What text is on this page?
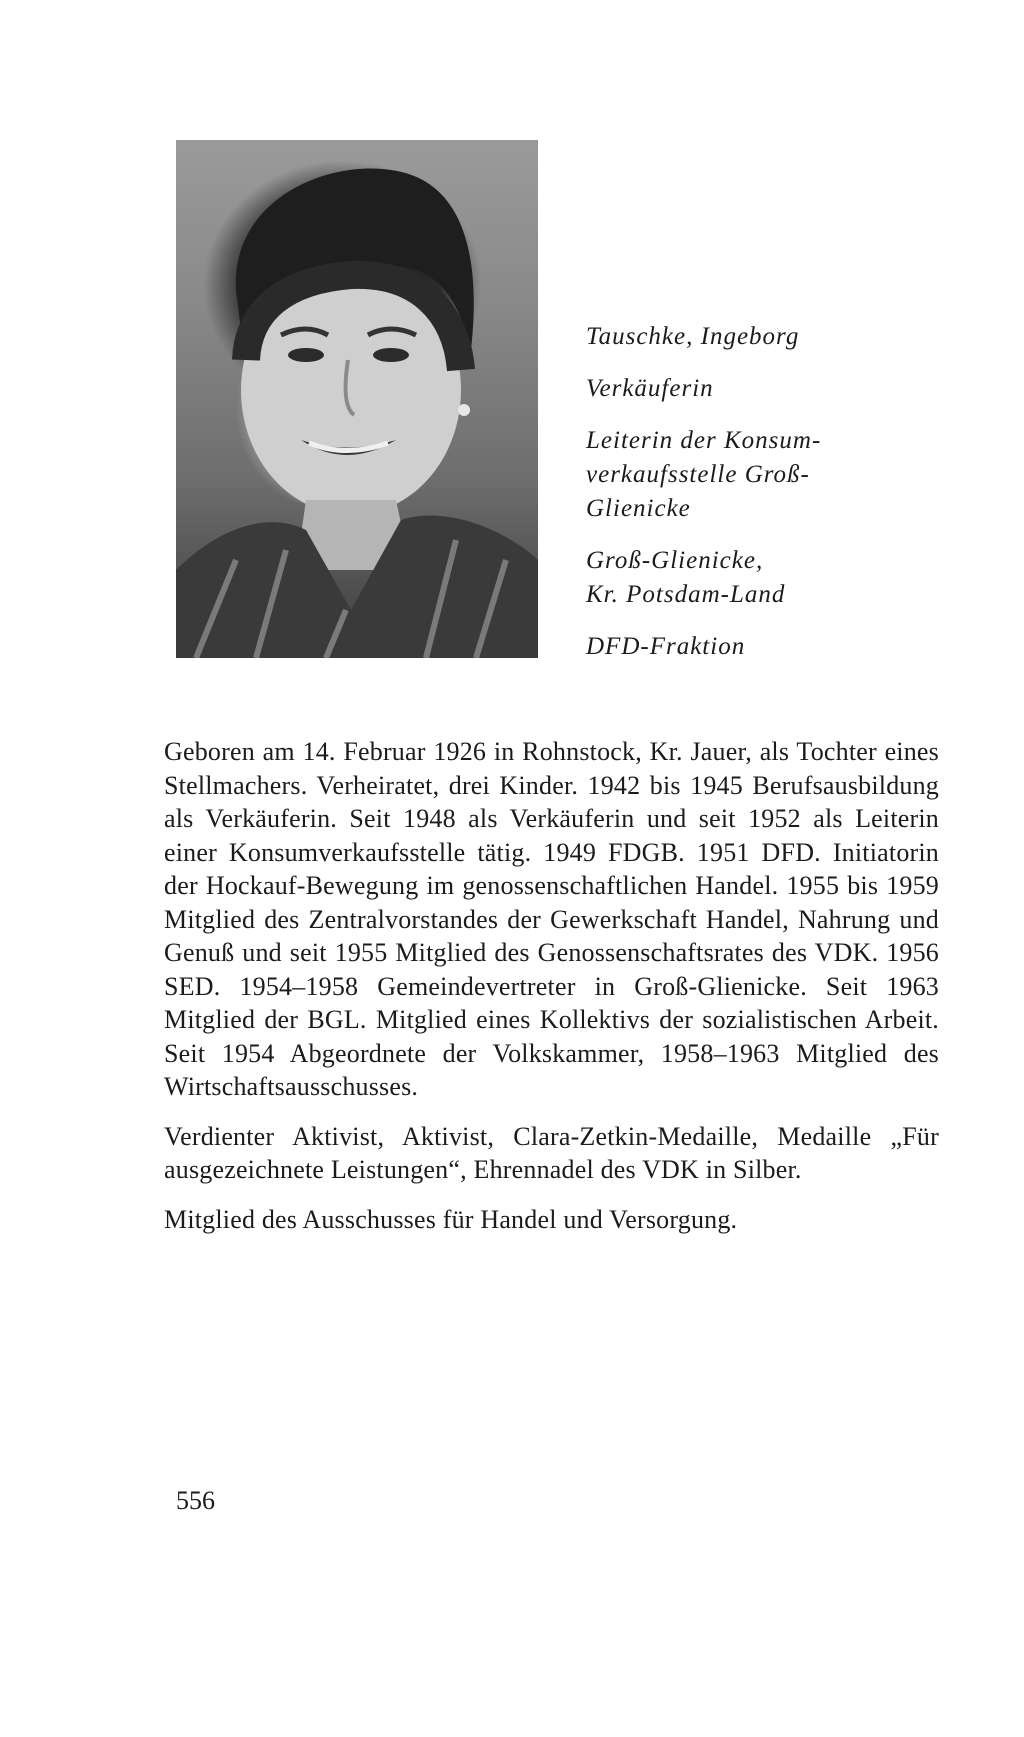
Tauschke, Ingeborg
Verkäuferin
Leiterin der Konsum-
verkaufsstelle Groß-
Glienicke
Groß-Glienicke,
Kr. Potsdam-Land
DFD-Fraktion

Geboren am 14. Februar 1926 in Rohnstock, Kr. Jauer, als Tochter eines Stellmachers. Verheiratet, drei Kinder. 1942 bis 1945 Berufsausbildung als Verkäuferin. Seit 1948 als Verkäuferin und seit 1952 als Leiterin einer Konsumverkaufsstelle tätig. 1949 FDGB. 1951 DFD. Initiatorin der Hockauf-Bewegung im genossenschaftlichen Handel. 1955 bis 1959 Mitglied des Zentralvorstandes der Gewerkschaft Handel, Nahrung und Genuß und seit 1955 Mitglied des Genossenschaftsrates des VDK. 1956 SED. 1954–1958 Gemeindevertreter in Groß-Glienicke. Seit 1963 Mitglied der BGL. Mitglied eines Kollektivs der sozialistischen Arbeit. Seit 1954 Abgeordnete der Volkskammer, 1958–1963 Mitglied des Wirtschaftsausschusses.

Verdienter Aktivist, Aktivist, Clara-Zetkin-Medaille, Medaille „Für ausgezeichnete Leistungen“, Ehrennadel des VDK in Silber.

Mitglied des Ausschusses für Handel und Versorgung.

556
